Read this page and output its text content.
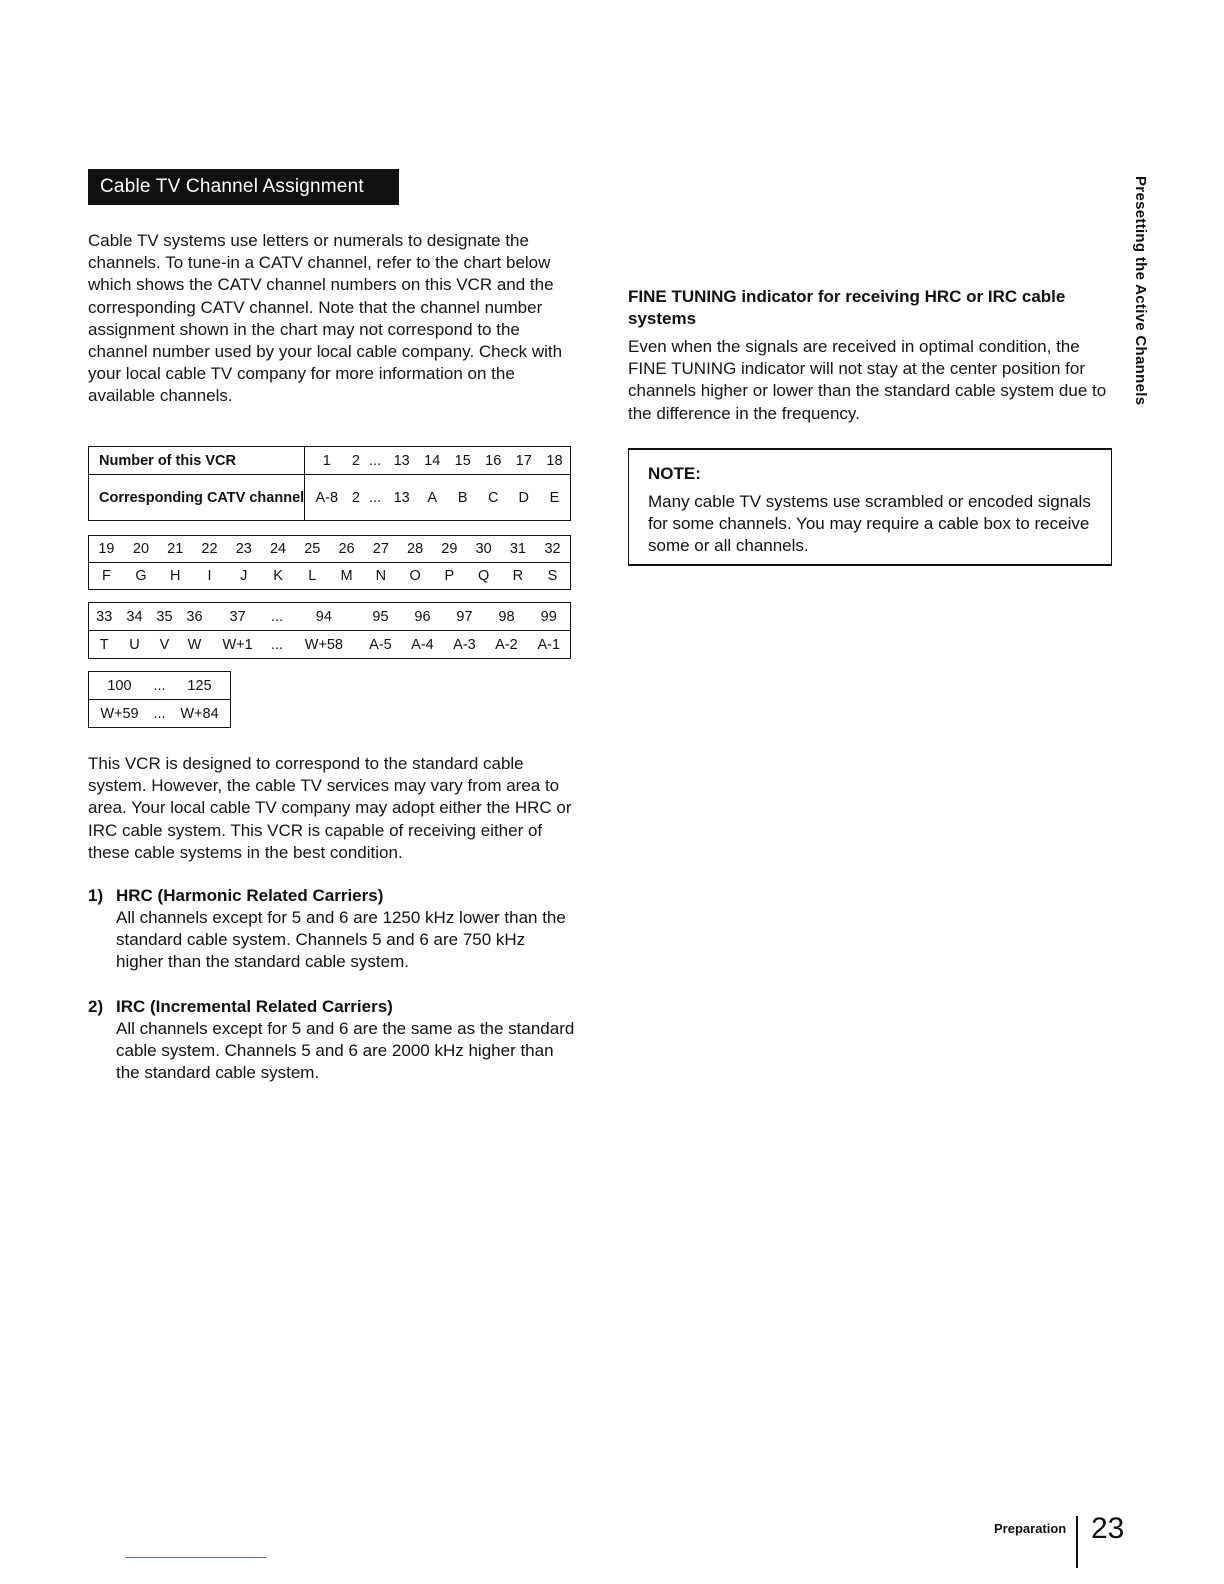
Cable TV Channel Assignment

Cable TV systems use letters or numerals to designate the channels. To tune-in a CATV channel, refer to the chart below which shows the CATV channel numbers on this VCR and the corresponding CATV channel. Note that the channel number assignment shown in the chart may not correspond to the channel number used by your local cable company. Check with your local cable TV company for more information on the available channels.

Number of this VCR	1	2	...	13	14	15	16	17	18
Corresponding CATV channel	A-8	2	...	13	A	B	C	D	E
19	20	21	22	23	24	25	26	27	28	29	30	31	32
F	G	H	I	J	K	L	M	N	O	P	Q	R	S
33	34	35	36	37	...	94	95	96	97	98	99
T	U	V	W	W+1	...	W+58	A-5	A-4	A-3	A-2	A-1
100	...	125
W+59	...	W+84

This VCR is designed to correspond to the standard cable system. However, the cable TV services may vary from area to area. Your local cable TV company may adopt either the HRC or IRC cable system. This VCR is capable of receiving either of these cable systems in the best condition.

1) HRC (Harmonic Related Carriers)

All channels except for 5 and 6 are 1250 kHz lower than the standard cable system. Channels 5 and 6 are 750 kHz higher than the standard cable system.

2) IRC (Incremental Related Carriers)

All channels except for 5 and 6 are the same as the standard cable system. Channels 5 and 6 are 2000 kHz higher than the standard cable system.

FINE TUNING indicator for receiving HRC or IRC cable systems

Even when the signals are received in optimal condition, the FINE TUNING indicator will not stay at the center position for channels higher or lower than the standard cable system due to the difference in the frequency.

NOTE:

Many cable TV systems use scrambled or encoded signals for some channels. You may require a cable box to receive some or all channels.

Presetting the Active Channels
Preparation 23
